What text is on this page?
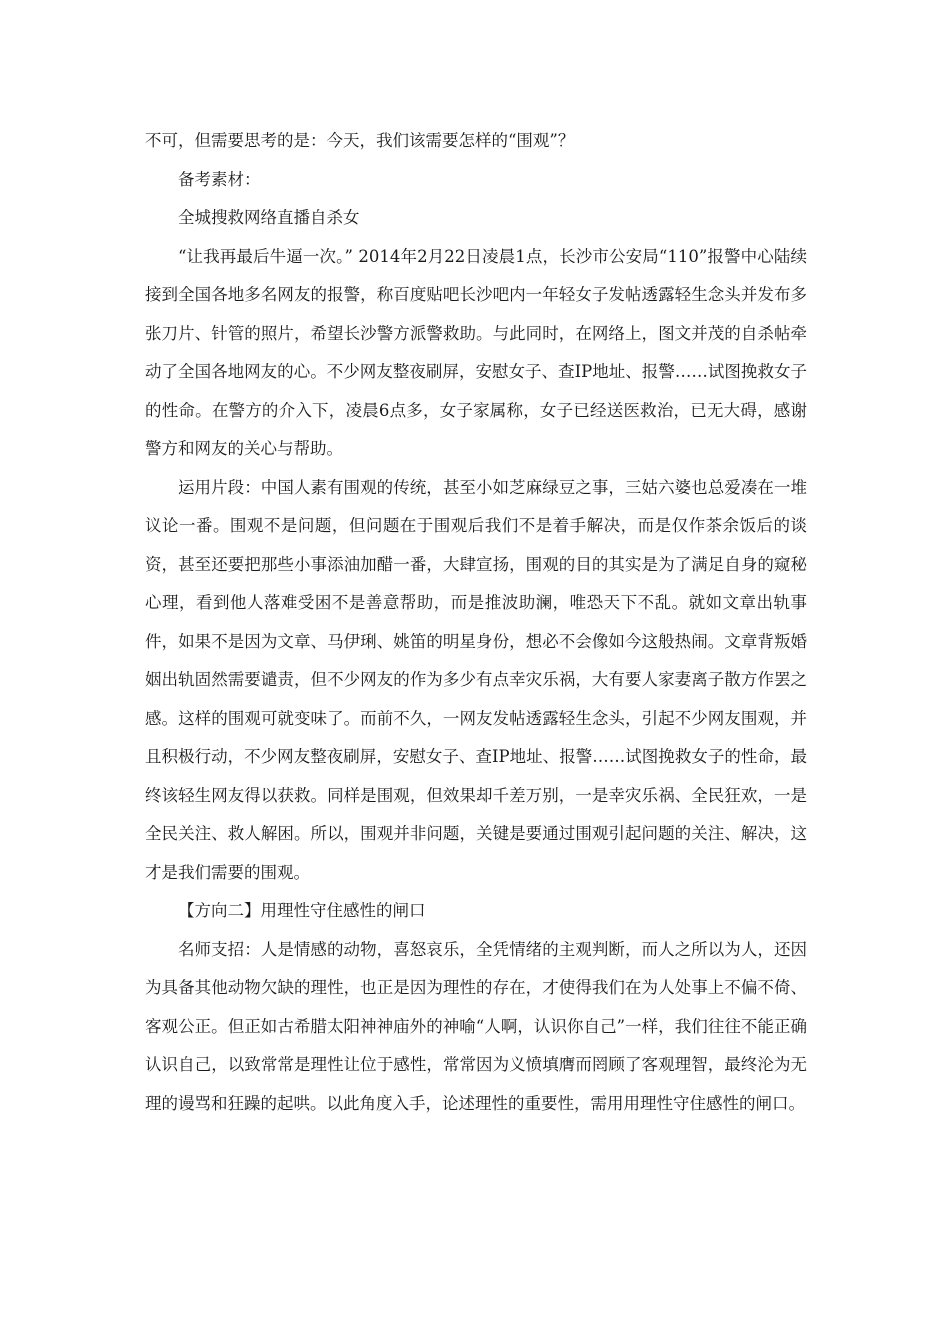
不可，但需要思考的是：今天，我们该需要怎样的“围观”？

备考素材：

全城搜救网络直播自杀女

“让我再最后牛逼一次。” 2014年2月22日凌晨1点，长沙市公安局“110”报警中心陆续接到全国各地多名网友的报警，称百度贴吧长沙吧内一年轻女子发帖透露轻生念头并发布多张刀片、针管的照片，希望长沙警方派警救助。与此同时，在网络上，图文并茂的自杀帖牵动了全国各地网友的心。不少网友整夜刷屏，安慰女子、查IP地址、报警……试图挽救女子的性命。在警方的介入下，凌晨6点多，女子家属称，女子已经送医救治，已无大碍，感谢警方和网友的关心与帮助。

运用片段：中国人素有围观的传统，甚至小如芝麻绿豆之事，三姑六婆也总爱凑在一堆议论一番。围观不是问题，但问题在于围观后我们不是着手解决，而是仅作茶余饭后的谈资，甚至还要把那些小事添油加醋一番，大肆宣扬，围观的目的其实是为了满足自身的窥秘心理，看到他人落难受困不是善意帮助，而是推波助澜，唯恐天下不乱。就如文章出轨事件，如果不是因为文章、马伊琍、姚笛的明星身份，想必不会像如今这般热闹。文章背叛婚姻出轨固然需要谴责，但不少网友的作为多少有点幸灾乐祸，大有要人家妻离子散方作罢之感。这样的围观可就变味了。而前不久，一网友发帖透露轻生念头，引起不少网友围观，并且积极行动，不少网友整夜刷屏，安慰女子、查IP地址、报警……试图挽救女子的性命，最终该轻生网友得以获救。同样是围观，但效果却千差万别，一是幸灾乐祸、全民狂欢，一是全民关注、救人解困。所以，围观并非问题，关键是要通过围观引起问题的关注、解决，这才是我们需要的围观。

【方向二】用理性守住感性的闸口

名师支招：人是情感的动物，喜怒哀乐，全凭情绪的主观判断，而人之所以为人，还因为具备其他动物欠缺的理性，也正是因为理性的存在，才使得我们在为人处事上不偏不倚、客观公正。但正如古希腊太阳神神庙外的神喻“人啊，认识你自己”一样，我们往往不能正确认识自己，以致常常是理性让位于感性，常常因为义愤填膺而罔顾了客观理智，最终沦为无理的谩骂和狂躁的起哄。以此角度入手，论述理性的重要性，需用用理性守住感性的闸口。
